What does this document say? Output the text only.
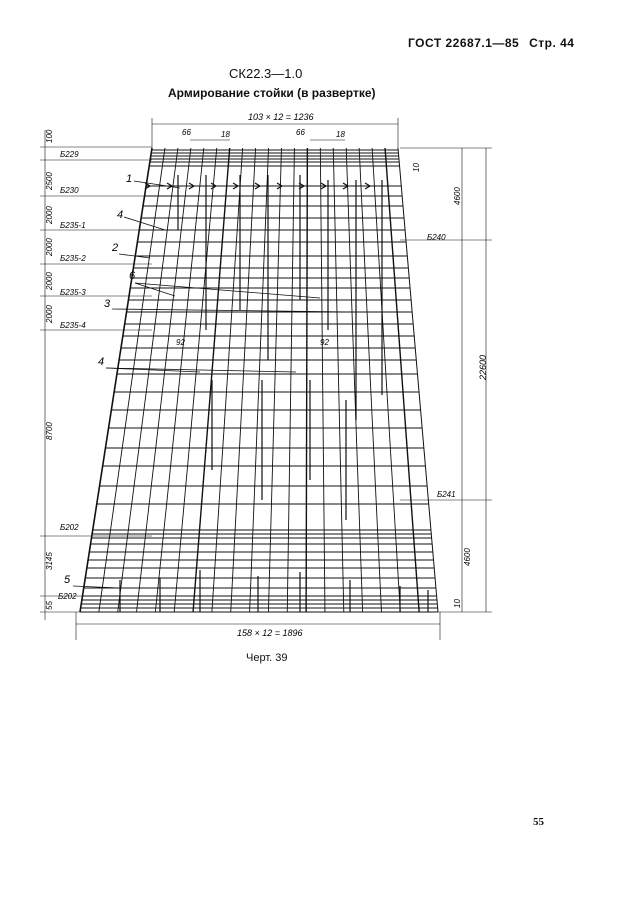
ГОСТ 22687.1—85 Стр. 44
СК22.3—1.0
Армирование стойки (в развертке)
103 × 12 = 1236
66	18	66	18
92	92
158 × 12 = 1896
100
2500
2000
2000
2000
2000
8700
3145
55
Б229
Б230
Б235-1
Б235-2
Б235-3
Б235-4
Б202
Б202
Б240
Б241
10
4600
22600
4600
10
1
4
2
6
3
4
5
Черт. 39
55
